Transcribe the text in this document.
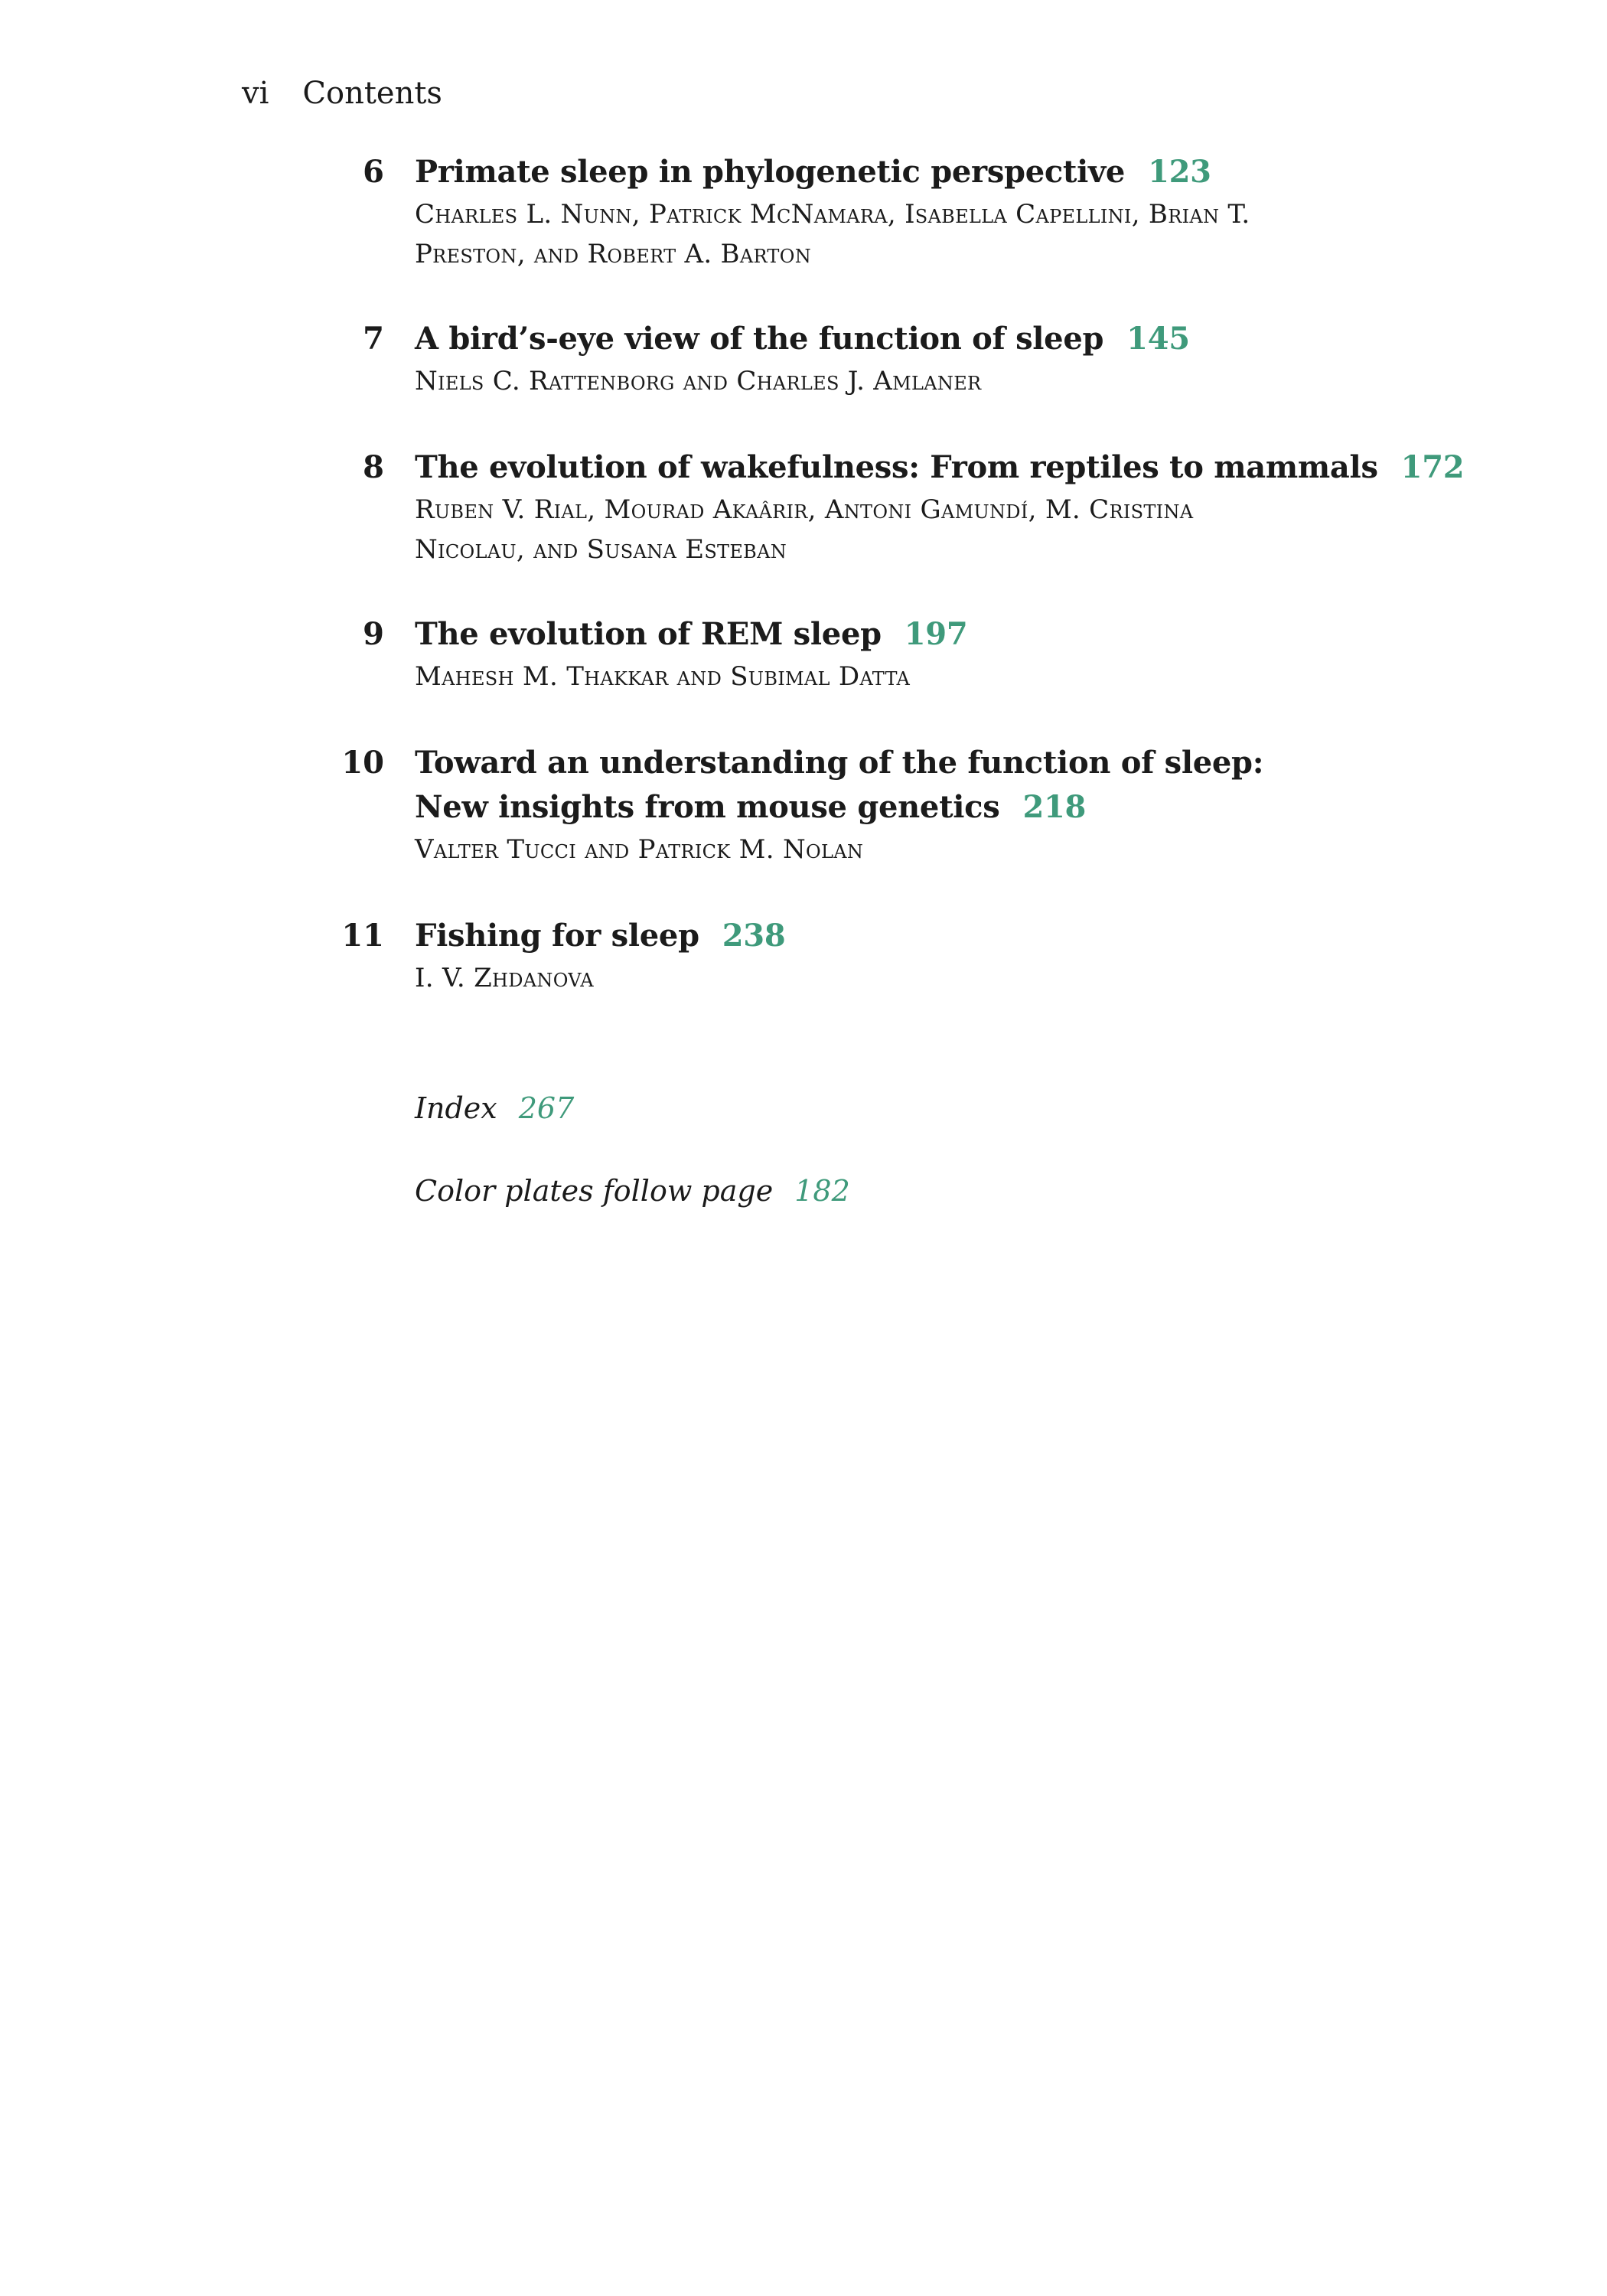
vi Contents
6 Primate sleep in phylogenetic perspective 123
Charles L. Nunn, Patrick McNamara, Isabella Capellini, Brian T.
Preston, and Robert A. Barton
7 A bird’s-eye view of the function of sleep 145
Niels C. Rattenborg and Charles J. Amlaner
8 The evolution of wakefulness: From reptiles to mammals 172
Ruben V. Rial, Mourad Akaârir, Antoni Gamundí, M. Cristina
Nicolau, and Susana Esteban
9 The evolution of REM sleep 197
Mahesh M. Thakkar and Subimal Datta
10 Toward an understanding of the function of sleep:
New insights from mouse genetics 218
Valter Tucci and Patrick M. Nolan
11 Fishing for sleep 238
I. V. Zhdanova
Index 267
Color plates follow page 182
